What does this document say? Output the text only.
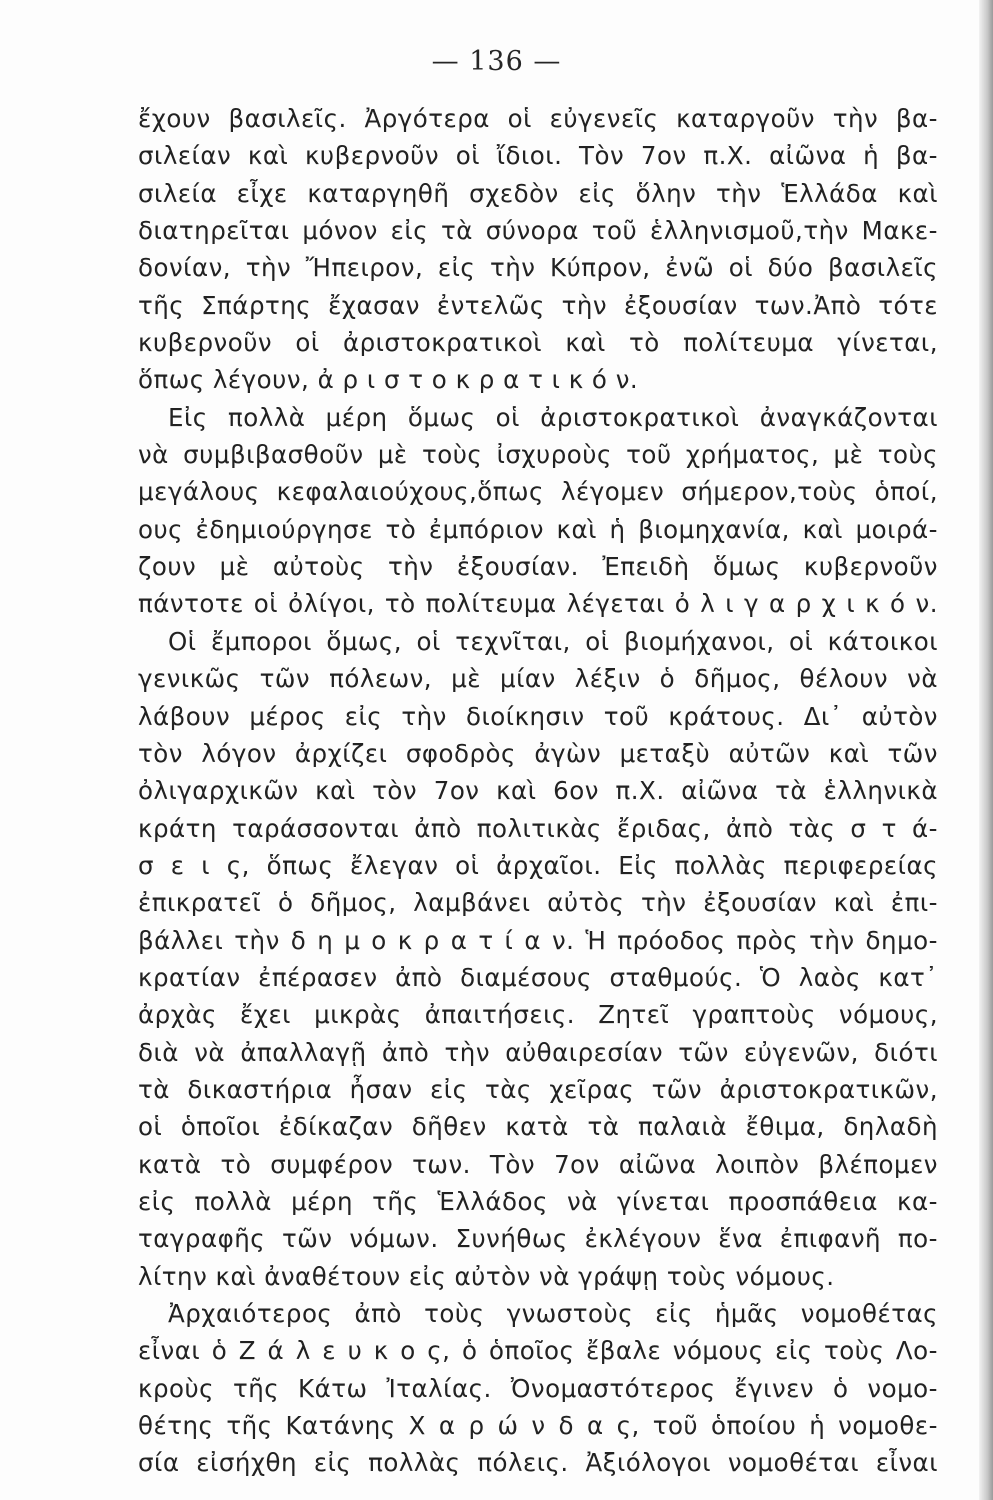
— 136 —
ἔχουν βασιλεῖς. Ἀργότερα οἱ εὐγενεῖς καταργοῦν τὴν βα-
σιλείαν καὶ κυβερνοῦν οἱ ἴδιοι. Τὸν 7ον π.Χ. αἰῶνα ἡ βα-
σιλεία εἶχε καταργηθῆ σχεδὸν εἰς ὅλην τὴν Ἑλλάδα καὶ
διατηρεῖται μόνον εἰς τὰ σύνορα τοῦ ἑλληνισμοῦ,τὴν Μακε-
δονίαν, τὴν Ἤπειρον, εἰς τὴν Κύπρον, ἐνῶ οἱ δύο βασιλεῖς
τῆς Σπάρτης ἔχασαν ἐντελῶς τὴν ἐξουσίαν των.Ἀπὸ τότε
κυβερνοῦν οἱ ἀριστοκρατικοὶ καὶ τὸ πολίτευμα γίνεται,
ὅπως λέγουν, ἀ ρ ι σ τ ο κ ρ α τ ι κ ό ν.
Εἰς πολλὰ μέρη ὅμως οἱ ἀριστοκρατικοὶ ἀναγκάζονται
νὰ συμβιβασθοῦν μὲ τοὺς ἰσχυροὺς τοῦ χρήματος, μὲ τοὺς
μεγάλους κεφαλαιούχους,ὅπως λέγομεν σήμερον,τοὺς ὁποί,
ους ἐδημιούργησε τὸ ἐμπόριον καὶ ἡ βιομηχανία, καὶ μοιρά-
ζουν μὲ αὐτοὺς τὴν ἐξουσίαν. Ἐπειδὴ ὅμως κυβερνοῦν
πάντοτε οἱ ὀλίγοι, τὸ πολίτευμα λέγεται ὀ λ ι γ α ρ χ ι κ ό ν.
Οἱ ἔμποροι ὅμως, οἱ τεχνῖται, οἱ βιομήχανοι, οἱ κάτοικοι
γενικῶς τῶν πόλεων, μὲ μίαν λέξιν ὁ δῆμος, θέλουν νὰ
λάβουν μέρος εἰς τὴν διοίκησιν τοῦ κράτους. Δι᾿ αὐτὸν
τὸν λόγον ἀρχίζει σφοδρὸς ἀγὼν μεταξὺ αὐτῶν καὶ τῶν
ὀλιγαρχικῶν καὶ τὸν 7ον καὶ 6ον π.Χ. αἰῶνα τὰ ἑλληνικὰ
κράτη ταράσσονται ἀπὸ πολιτικὰς ἔριδας, ἀπὸ τὰς σ τ ά-
σ ε ι ς, ὅπως ἔλεγαν οἱ ἀρχαῖοι. Εἰς πολλὰς περιφερείας
ἐπικρατεῖ ὁ δῆμος, λαμβάνει αὐτὸς τὴν ἐξουσίαν καὶ ἐπι-
βάλλει τὴν δ η μ ο κ ρ α τ ί α ν. Ἡ πρόοδος πρὸς τὴν δημο-
κρατίαν ἐπέρασεν ἀπὸ διαμέσους σταθμούς. Ὁ λαὸς κατ᾿
ἀρχὰς ἔχει μικρὰς ἀπαιτήσεις. Ζητεῖ γραπτοὺς νόμους,
διὰ νὰ ἀπαλλαγῇ ἀπὸ τὴν αὐθαιρεσίαν τῶν εὐγενῶν, διότι
τὰ δικαστήρια ἦσαν εἰς τὰς χεῖρας τῶν ἀριστοκρατικῶν,
οἱ ὁποῖοι ἐδίκαζαν δῆθεν κατὰ τὰ παλαιὰ ἔθιμα, δηλαδὴ
κατὰ τὸ συμφέρον των. Τὸν 7ον αἰῶνα λοιπὸν βλέπομεν
εἰς πολλὰ μέρη τῆς Ἑλλάδος νὰ γίνεται προσπάθεια κα-
ταγραφῆς τῶν νόμων. Συνήθως ἐκλέγουν ἕνα ἐπιφανῆ πο-
λίτην καὶ ἀναθέτουν εἰς αὐτὸν νὰ γράψῃ τοὺς νόμους.
Ἀρχαιότερος ἀπὸ τοὺς γνωστοὺς εἰς ἡμᾶς νομοθέτας
εἶναι ὁ Ζ ά λ ε υ κ ο ς, ὁ ὁποῖος ἔβαλε νόμους εἰς τοὺς Λο-
κροὺς τῆς Κάτω Ἰταλίας. Ὀνομαστότερος ἔγινεν ὁ νομο-
θέτης τῆς Κατάνης Χ α ρ ώ ν δ α ς, τοῦ ὁποίου ἡ νομοθε-
σία εἰσήχθη εἰς πολλὰς πόλεις. Ἀξιόλογοι νομοθέται εἶναι
